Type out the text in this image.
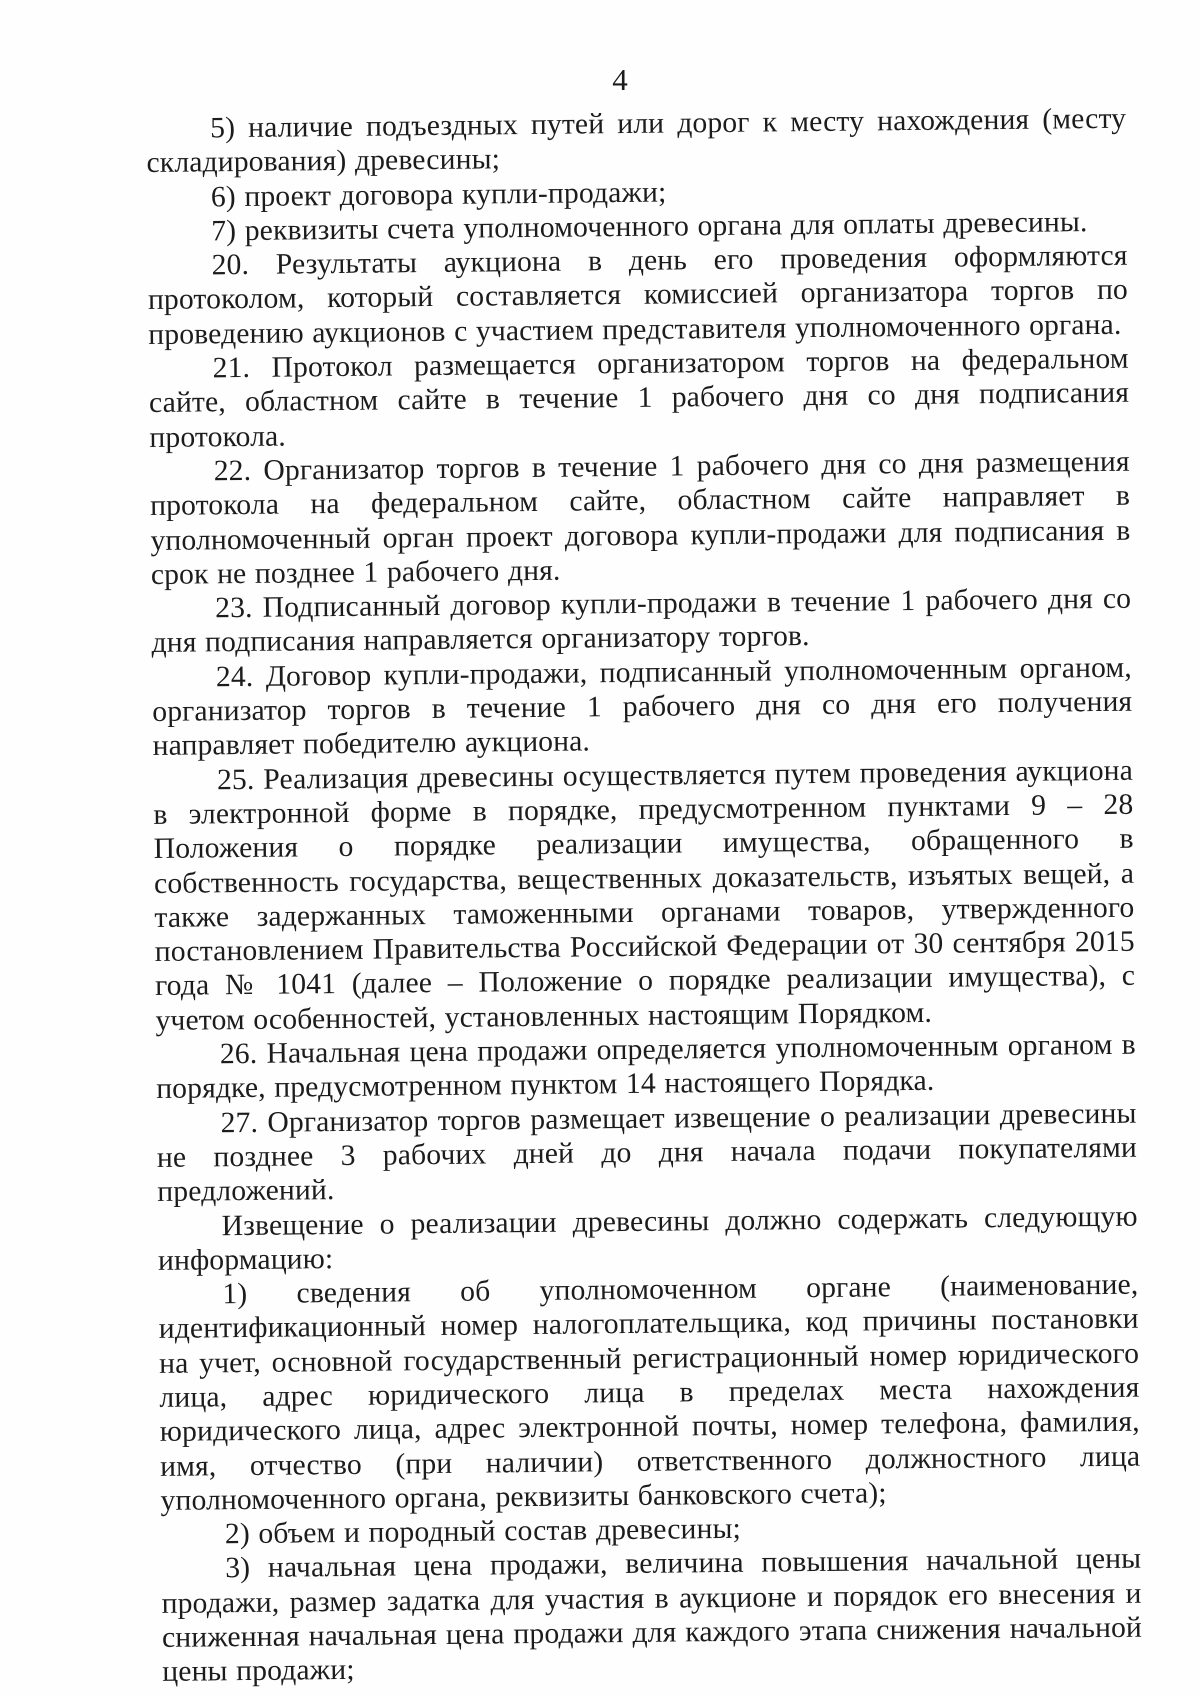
4

5) наличие подъездных путей или дорог к месту нахождения (месту складирования) древесины;

6) проект договора купли-продажи;

7) реквизиты счета уполномоченного органа для оплаты древесины.

20. Результаты аукциона в день его проведения оформляются протоколом, который составляется комиссией организатора торгов по проведению аукционов с участием представителя уполномоченного органа.

21. Протокол размещается организатором торгов на федеральном сайте, областном сайте в течение 1 рабочего дня со дня подписания протокола.

22. Организатор торгов в течение 1 рабочего дня со дня размещения протокола на федеральном сайте, областном сайте направляет в уполномоченный орган проект договора купли-продажи для подписания в срок не позднее 1 рабочего дня.

23. Подписанный договор купли-продажи в течение 1 рабочего дня со дня подписания направляется организатору торгов.

24. Договор купли-продажи, подписанный уполномоченным органом, организатор торгов в течение 1 рабочего дня со дня его получения направляет победителю аукциона.

25. Реализация древесины осуществляется путем проведения аукциона в электронной форме в порядке, предусмотренном пунктами 9 – 28 Положения о порядке реализации имущества, обращенного в собственность государства, вещественных доказательств, изъятых вещей, а также задержанных таможенными органами товаров, утвержденного постановлением Правительства Российской Федерации от 30 сентября 2015 года № 1041 (далее – Положение о порядке реализации имущества), с учетом особенностей, установленных настоящим Порядком.

26. Начальная цена продажи определяется уполномоченным органом в порядке, предусмотренном пунктом 14 настоящего Порядка.

27. Организатор торгов размещает извещение о реализации древесины не позднее 3 рабочих дней до дня начала подачи покупателями предложений.

Извещение о реализации древесины должно содержать следующую информацию:

1) сведения об уполномоченном органе (наименование, идентификационный номер налогоплательщика, код причины постановки на учет, основной государственный регистрационный номер юридического лица, адрес юридического лица в пределах места нахождения юридического лица, адрес электронной почты, номер телефона, фамилия, имя, отчество (при наличии) ответственного должностного лица уполномоченного органа, реквизиты банковского счета);

2) объем и породный состав древесины;

3) начальная цена продажи, величина повышения начальной цены продажи, размер задатка для участия в аукционе и порядок его внесения и сниженная начальная цена продажи для каждого этапа снижения начальной цены продажи;
